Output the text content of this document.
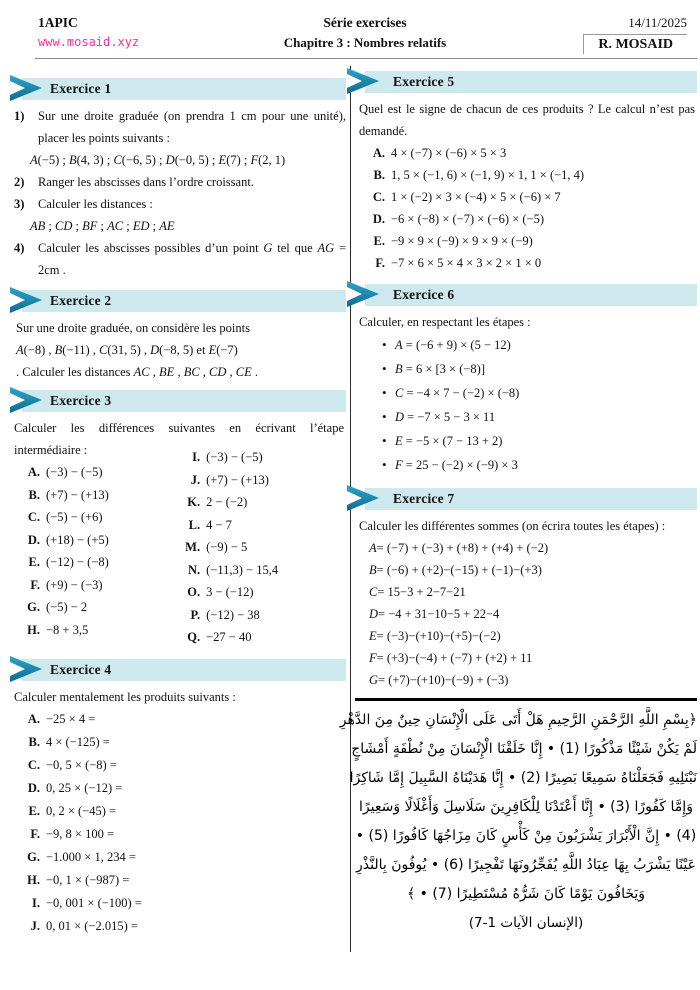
1APIC
www.mosaid.xyz
Série exercises
Chapitre 3 : Nombres relatifs
14/11/2025
R. MOSAID
Exercice 1
1)	Sur une droite graduée (on prendra 1 cm pour une unité), placer les points suivants :
A(−5) ; B(4, 3) ; C(−6, 5) ; D(−0, 5) ; E(7) ; F(2, 1)
2)	Ranger les abscisses dans l’ordre croissant.
3)	Calculer les distances :
AB ; CD ; BF ; AC ; ED ; AE
4)	Calculer les abscisses possibles d’un point G tel que AG = 2cm .
Exercice 2
Sur une droite graduée, on considère les points
A(−8) , B(−11) , C(31, 5) , D(−8, 5) et E(−7)
. Calculer les distances AC , BE , BC , CD , CE .
Exercice 3
Calculer les différences suivantes en écrivant l’étape intermédiaire :
A. (−3) − (−5)
B. (+7) − (+13)
C. (−5) − (+6)
D. (+18) − (+5)
E. (−12) − (−8)
F. (+9) − (−3)
G. (−5) − 2
H. −8 + 3,5
I. (−3) − (−5)
J. (+7) − (+13)
K. 2 − (−2)
L. 4 − 7
M. (−9) − 5
N. (−11,3) − 15,4
O. 3 − (−12)
P. (−12) − 38
Q. −27 − 40
Exercice 4
Calculer mentalement les produits suivants :
A. −25 × 4 =
B. 4 × (−125) =
C. −0, 5 × (−8) =
D. 0, 25 × (−12) =
E. 0, 2 × (−45) =
F. −9, 8 × 100 =
G. −1.000 × 1, 234 =
H. −0, 1 × (−987) =
I. −0, 001 × (−100) =
J. 0, 01 × (−2.015) =
Exercice 5
Quel est le signe de chacun de ces produits ? Le calcul n’est pas demandé.
A. 4 × (−7) × (−6) × 5 × 3
B. 1, 5 × (−1, 6) × (−1, 9) × 1, 1 × (−1, 4)
C. 1 × (−2) × 3 × (−4) × 5 × (−6) × 7
D. −6 × (−8) × (−7) × (−6) × (−5)
E. −9 × 9 × (−9) × 9 × 9 × (−9)
F. −7 × 6 × 5 × 4 × 3 × 2 × 1 × 0
Exercice 6
Calculer, en respectant les étapes :
• A = (−6 + 9) × (5 − 12)
• B = 6 × [3 × (−8)]
• C = −4 × 7 − (−2) × (−8)
• D = −7 × 5 − 3 × 11
• E = −5 × (7 − 13 + 2)
• F = 25 − (−2) × (−9) × 3
Exercice 7
Calculer les différentes sommes (on écrira toutes les étapes) :
A= (−7) + (−3) + (+8) + (+4) + (−2)
B= (−6) + (+2)−(−15) + (−1)−(+3)
C= 15−3 + 2−7−21
D= −4 + 31−10−5 + 22−4
E= (−3)−(+10)−(+5)−(−2)
F= (+3)−(−4) + (−7) + (+2) + 11
G= (+7)−(+10)−(−9) + (−3)
﴿بِسْمِ اللَّهِ الرَّحْمَنِ الرَّحِيمِ هَلْ أَتَى عَلَى الْإِنْسَانِ حِينٌ مِنَ الدَّهْرِ
لَمْ يَكُنْ شَيْئًا مَذْكُورًا (1) • إِنَّا خَلَقْنَا الْإِنْسَانَ مِنْ نُطْفَةٍ أَمْشَاجٍ
نَبْتَلِيهِ فَجَعَلْنَاهُ سَمِيعًا بَصِيرًا (2) • إِنَّا هَدَيْنَاهُ السَّبِيلَ إِمَّا شَاكِرًا
وَإِمَّا كَفُورًا (3) • إِنَّا أَعْتَدْنَا لِلْكَافِرِينَ سَلَاسِلَ وَأَغْلَالًا وَسَعِيرًا
(4) • إِنَّ الْأَبْرَارَ يَشْرَبُونَ مِنْ كَأْسٍ كَانَ مِزَاجُهَا كَافُورًا (5) •
عَيْنًا يَشْرَبُ بِهَا عِبَادُ اللَّهِ يُفَجِّرُونَهَا تَفْجِيرًا (6) • يُوفُونَ بِالنَّذْرِ
وَيَخَافُونَ يَوْمًا كَانَ شَرُّهُ مُسْتَطِيرًا (7) • ﴾
(الإنسان الآيات 1-7)
